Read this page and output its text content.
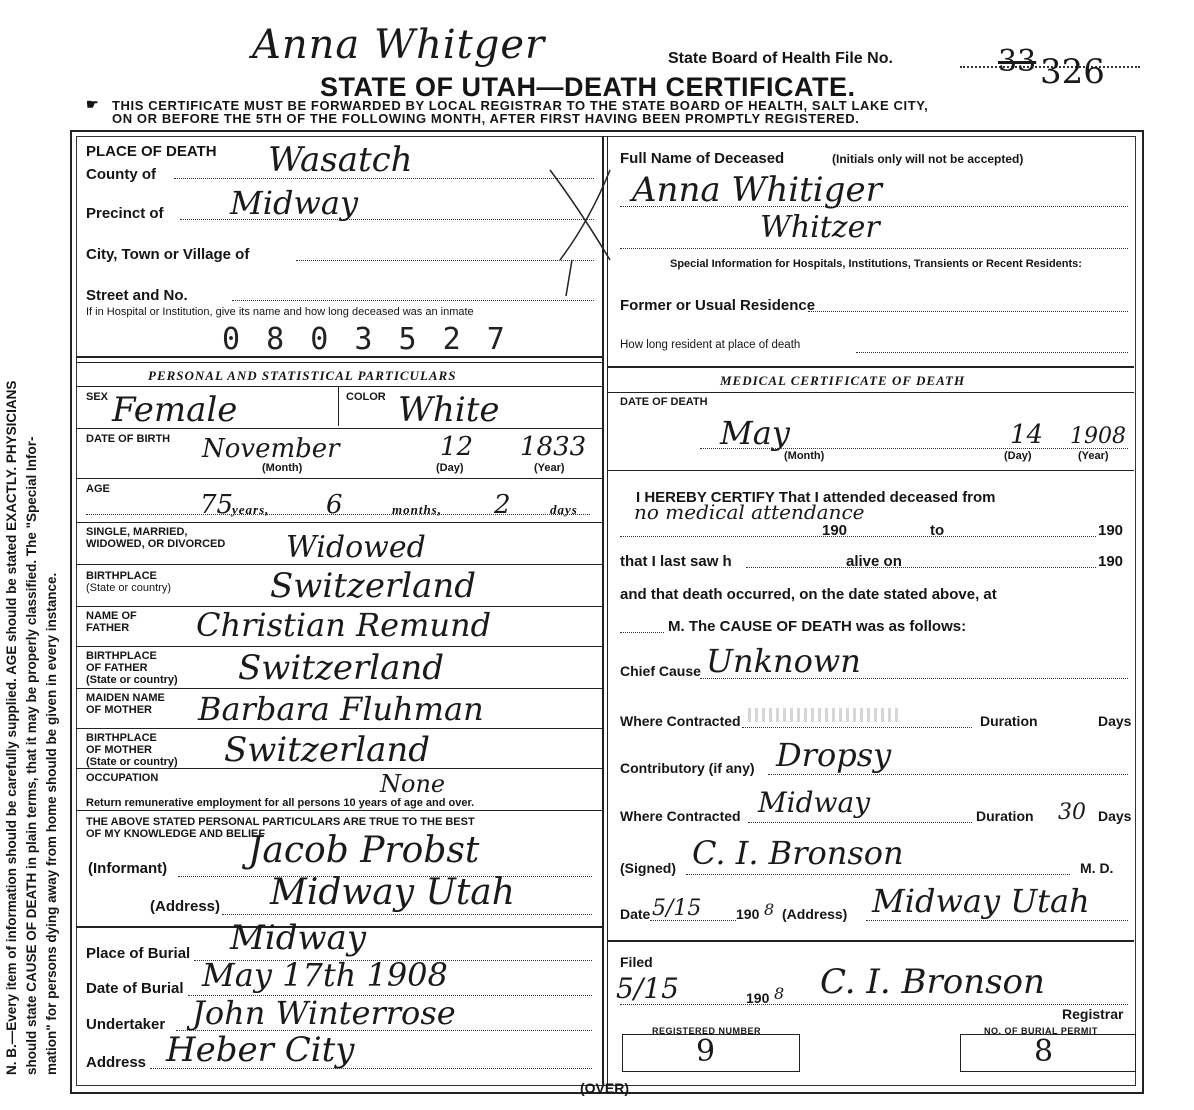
N. B.—Every item of information should be carefully supplied. AGE should be stated EXACTLY. PHYSICIANS should state CAUSE OF DEATH in plain terms, that it may be properly classified. The "Special Infor- mation" for persons dying away from home should be given in every instance.
Anna Whitger	State Board of Health File No.	33 326
STATE OF UTAH—DEATH CERTIFICATE.
☛ THIS CERTIFICATE MUST BE FORWARDED BY LOCAL REGISTRAR TO THE STATE BOARD OF HEALTH, SALT LAKE CITY,
ON OR BEFORE THE 5TH OF THE FOLLOWING MONTH, AFTER FIRST HAVING BEEN PROMPTLY REGISTERED.
PLACE OF DEATH
County of	Wasatch
Precinct of Midway
City, Town or Village of
Street and No.
If in Hospital or Institution, give its name and how long deceased was an inmate
0 8 0 3 5 2 7
PERSONAL AND STATISTICAL PARTICULARS
SEX Female	COLOR White
DATE OF BIRTH November	12 1833
(Month)	(Day)	(Year)
AGE
75
years, 6	months, 2	days
SINGLE, MARRIED,
WIDOWED, OR DIVORCED Widowed
BIRTHPLACE
(State or country)	Switzerland
NAME OF
FATHER Christian Remund
BIRTHPLACE
OF FATHER
(State or country) Switzerland
MAIDEN NAME
OF MOTHER Barbara Fluhman
BIRTHPLACE
OF MOTHER
(State or country) Switzerland
OCCUPATION	None
Return remunerative employment for all persons 10 years of age and over.
THE ABOVE STATED PERSONAL PARTICULARS ARE TRUE TO THE BEST
OF MY KNOWLEDGE AND BELIEF
(Informant) Jacob Probst
(Address) Midway Utah
Place of Burial Midway
Date of Burial May 17th 1908
Undertaker John Winterrose
Address Heber City
Full Name of Deceased	(Initials only will not be accepted)
Anna Whitiger
Whitzer
Special Information for Hospitals, Institutions, Transients or Recent Residents:
Former or Usual Residence
How long resident at place of death
MEDICAL CERTIFICATE OF DEATH
DATE OF DEATH
May	14 1908
(Month)	(Day)	(Year)
I HEREBY CERTIFY That I attended deceased from
no medical attendance
190	to	190
that I last saw h	alive on	190
and that death occurred, on the date stated above, at
M. The CAUSE OF DEATH was as follows:
Chief Cause Unknown
Where Contracted	Duration	Days
Contributory (if any) Dropsy
Where Contracted Midway	Duration 30 Days
(Signed) C. I. Bronson	M. D.
Date 5/15 190 8 (Address) Midway Utah
Filed
5/15	190 8 C. I. Bronson
Registrar
REGISTERED NUMBER
9
NO. OF BURIAL PERMIT
8
(OVER)
